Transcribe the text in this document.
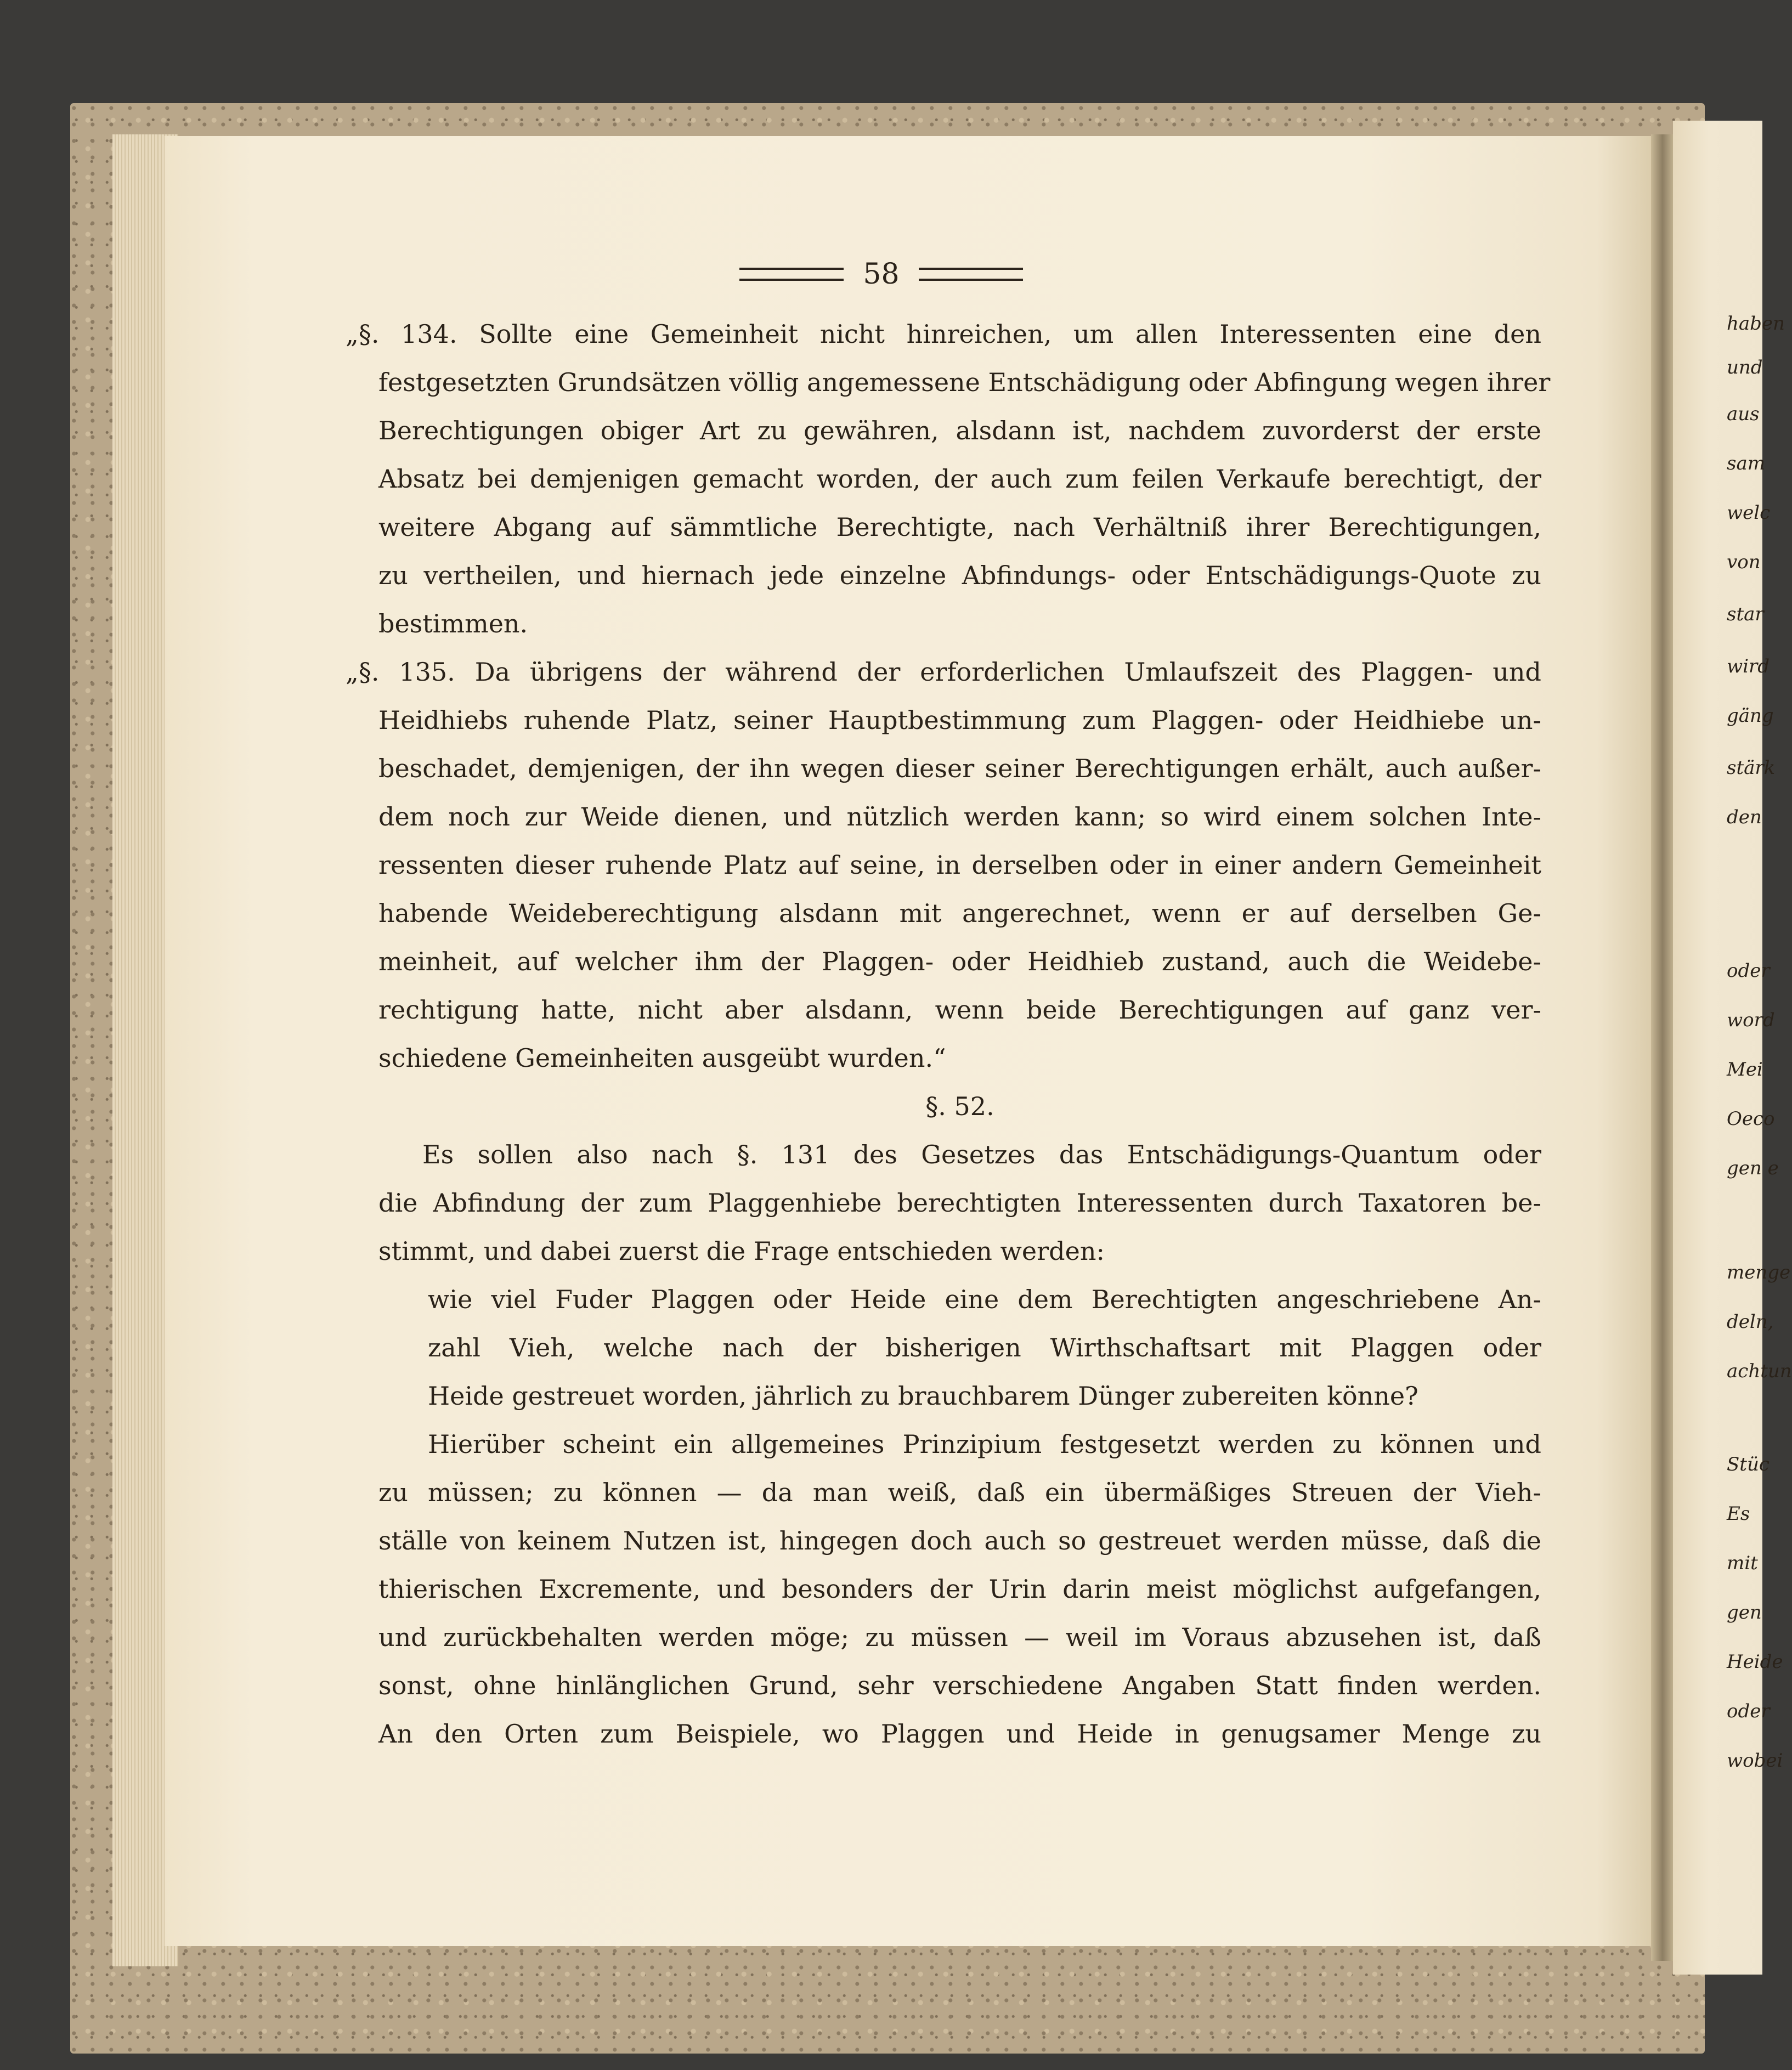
58
„§. 134. Sollte eine Gemeinheit nicht hinreichen, um allen Interessenten eine den
festgesetzten Grundsätzen völlig angemessene Entschädigung oder Abfingung wegen ihrer
Berechtigungen obiger Art zu gewähren, alsdann ist, nachdem zuvorderst der erste
Absatz bei demjenigen gemacht worden, der auch zum feilen Verkaufe berechtigt, der
weitere Abgang auf sämmtliche Berechtigte, nach Verhältniß ihrer Berechtigungen,
zu vertheilen, und hiernach jede einzelne Abfindungs- oder Entschädigungs-Quote zu
bestimmen.
„§. 135. Da übrigens der während der erforderlichen Umlaufszeit des Plaggen- und
Heidhiebs ruhende Platz, seiner Hauptbestimmung zum Plaggen- oder Heidhiebe un-
beschadet, demjenigen, der ihn wegen dieser seiner Berechtigungen erhält, auch außer-
dem noch zur Weide dienen, und nützlich werden kann; so wird einem solchen Inte-
ressenten dieser ruhende Platz auf seine, in derselben oder in einer andern Gemeinheit
habende Weideberechtigung alsdann mit angerechnet, wenn er auf derselben Ge-
meinheit, auf welcher ihm der Plaggen- oder Heidhieb zustand, auch die Weidebe-
rechtigung hatte, nicht aber alsdann, wenn beide Berechtigungen auf ganz ver-
schiedene Gemeinheiten ausgeübt wurden.“
§. 52.
Es sollen also nach §. 131 des Gesetzes das Entschädigungs-Quantum oder
die Abfindung der zum Plaggenhiebe berechtigten Interessenten durch Taxatoren be-
stimmt, und dabei zuerst die Frage entschieden werden:
wie viel Fuder Plaggen oder Heide eine dem Berechtigten angeschriebene An-
zahl Vieh, welche nach der bisherigen Wirthschaftsart mit Plaggen oder
Heide gestreuet worden, jährlich zu brauchbarem Dünger zubereiten könne?
Hierüber scheint ein allgemeines Prinzipium festgesetzt werden zu können und
zu müssen; zu können — da man weiß, daß ein übermäßiges Streuen der Vieh-
ställe von keinem Nutzen ist, hingegen doch auch so gestreuet werden müsse, daß die
thierischen Excremente, und besonders der Urin darin meist möglichst aufgefangen,
und zurückbehalten werden möge; zu müssen — weil im Voraus abzusehen ist, daß
sonst, ohne hinlänglichen Grund, sehr verschiedene Angaben Statt finden werden.
An den Orten zum Beispiele, wo Plaggen und Heide in genugsamer Menge zu
haben
und
aus
sam
welc
von
star
wird
gäng
stärk
den
oder
word
Mei
Oeco
gen e
menge
deln,
achtun
Stüc
Es
mit
gen
Heide
oder
wobei
